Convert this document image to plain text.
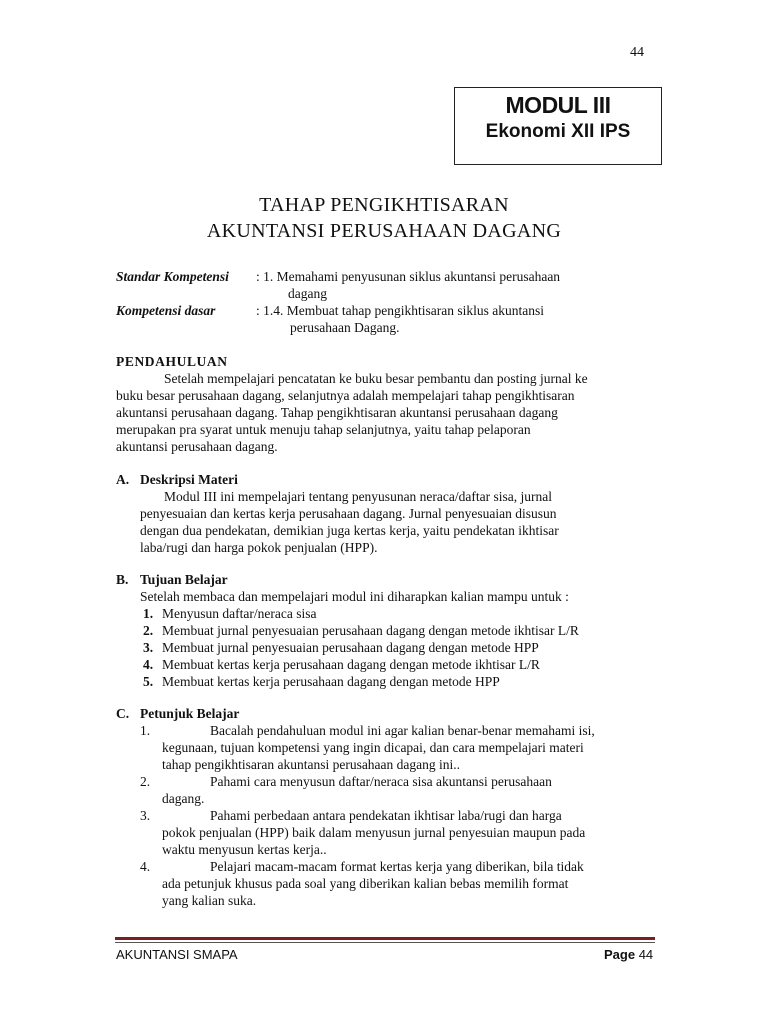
44
MODUL III
Ekonomi XII IPS
TAHAP PENGIKHTISARAN
AKUNTANSI PERUSAHAAN DAGANG
Standar Kompetensi : 1. Memahami penyusunan siklus akuntansi perusahaan
dagang
Kompetensi dasar	: 1.4. Membuat tahap pengikhtisaran siklus akuntansi
perusahaan Dagang.
PENDAHULUAN
Setelah mempelajari pencatatan ke buku besar pembantu dan posting jurnal ke
buku besar perusahaan dagang, selanjutnya adalah mempelajari tahap pengikhtisaran
akuntansi perusahaan dagang. Tahap pengikhtisaran akuntansi perusahaan dagang
merupakan pra syarat untuk menuju tahap selanjutnya, yaitu tahap pelaporan
akuntansi perusahaan dagang.
A. Deskripsi Materi
Modul III ini mempelajari tentang penyusunan neraca/daftar sisa, jurnal
penyesuaian dan kertas kerja perusahaan dagang. Jurnal penyesuaian disusun
dengan dua pendekatan, demikian juga kertas kerja, yaitu pendekatan ikhtisar
laba/rugi dan harga pokok penjualan (HPP).
B. Tujuan Belajar
Setelah membaca dan mempelajari modul ini diharapkan kalian mampu untuk :
1. Menyusun daftar/neraca sisa
2. Membuat jurnal penyesuaian perusahaan dagang dengan metode ikhtisar L/R
3. Membuat jurnal penyesuaian perusahaan dagang dengan metode HPP
4. Membuat kertas kerja perusahaan dagang dengan metode ikhtisar L/R
5. Membuat kertas kerja perusahaan dagang dengan metode HPP
C. Petunjuk Belajar
1.	Bacalah pendahuluan modul ini agar kalian benar-benar memahami isi,
kegunaan, tujuan kompetensi yang ingin dicapai, dan cara mempelajari materi
tahap pengikhtisaran akuntansi perusahaan dagang ini..
2.	Pahami cara menyusun daftar/neraca sisa akuntansi perusahaan
dagang.
3.	Pahami perbedaan antara pendekatan ikhtisar laba/rugi dan harga
pokok penjualan (HPP) baik dalam menyusun jurnal penyesuian maupun pada
waktu menyusun kertas kerja..
4.	Pelajari macam-macam format kertas kerja yang diberikan, bila tidak
ada petunjuk khusus pada soal yang diberikan kalian bebas memilih format
yang kalian suka.
AKUNTANSI SMAPA	Page 44
